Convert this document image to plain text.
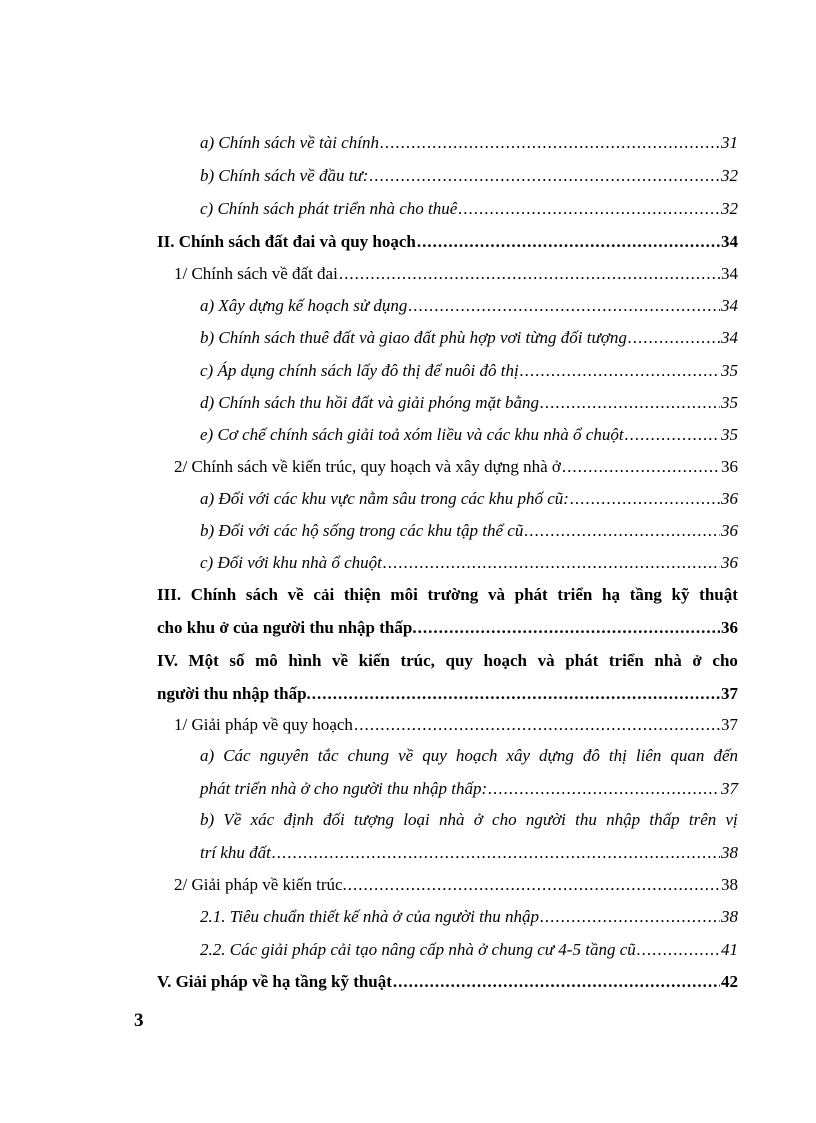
a) Chính sách về tài chính .....	31
b) Chính sách về đầu tư: .....	32
c) Chính sách phát triển nhà cho thuê .....	32
II. Chính sách đất đai và quy hoạch .....	34
1/ Chính sách về đất đai .....	34
a) Xây dựng kế hoạch sử dụng .....	34
b) Chính sách thuê đất và giao đất phù hợp vơi từng đối tượng .....	34
c) Áp dụng chính sách lấy đô thị để nuôi đô thị .....	35
d) Chính sách thu hồi đất và giải phóng mặt bằng .....	35
e) Cơ chế chính sách giải toả xóm liều và các khu nhà ổ chuột .....	35
2/ Chính sách về kiến trúc, quy hoạch và xây dựng nhà ở .....	36
a) Đối với các khu vực nằm sâu trong các khu phố cũ: .....	36
b) Đối với các hộ sống trong các khu tập thể cũ .....	36
c) Đối với khu nhà ổ chuột .....	36
III. Chính sách về cải thiện môi trường và phát triển hạ tầng kỹ thuật
cho khu ở của người thu nhập thấp. .....	36
IV. Một số mô hình về kiến trúc, quy hoạch và phát triển nhà ở cho
người thu nhập thấp. .....	37
1/ Giải pháp về quy hoạch .....	37
a) Các nguyên tắc chung về quy hoạch xây dựng đô thị liên quan đến
phát triển nhà ở cho người thu nhập thấp: .....	37
b) Về xác định đối tượng loại nhà ở cho người thu nhập thấp trên vị
trí khu đất .....	38
2/ Giải pháp về kiến trúc. .....	38
2.1. Tiêu chuẩn thiết kế nhà ở của người thu nhập .....	38
2.2. Các giải pháp cải tạo nâng cấp nhà ở chung cư 4-5 tầng cũ .....	41
V. Giải pháp về hạ tầng kỹ thuật .....	42
3
